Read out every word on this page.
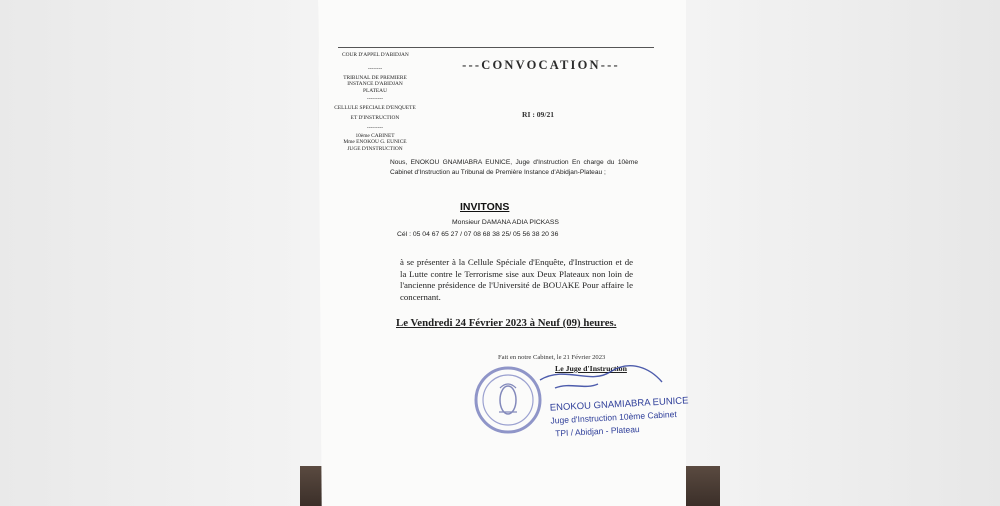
COUR D'APPEL D'ABIDJAN
--------
TRIBUNAL DE PREMIERE
INSTANCE D'ABIDJAN
PLATEAU
---------
CELLULE SPECIALE D'ENQUETE
ET D'INSTRUCTION
---------
10ème CABINET
Mme ENOKOU G. EUNICE
JUGE D'INSTRUCTION
---CONVOCATION---
RI : 09/21
Nous, ENOKOU GNAMIABRA EUNICE, Juge d'Instruction En charge du 10ème Cabinet d'Instruction au Tribunal de Première Instance d'Abidjan-Plateau ;
INVITONS
Monsieur DAMANA ADIA PICKASS
Cél : 05 04 67 65 27 / 07 08 68 38 25/ 05 56 38 20 36
à se présenter à la Cellule Spéciale d'Enquête, d'Instruction et de la Lutte contre le Terrorisme sise aux Deux Plateaux non loin de l'ancienne présidence de l'Université de BOUAKE Pour affaire le concernant.
Le Vendredi 24 Février 2023 à Neuf (09) heures.
Fait en notre Cabinet, le 21 Février 2023
Le Juge d'Instruction
ENOKOU GNAMIABRA EUNICE
Juge d'Instruction 10ème Cabinet
TPI / Abidjan - Plateau
